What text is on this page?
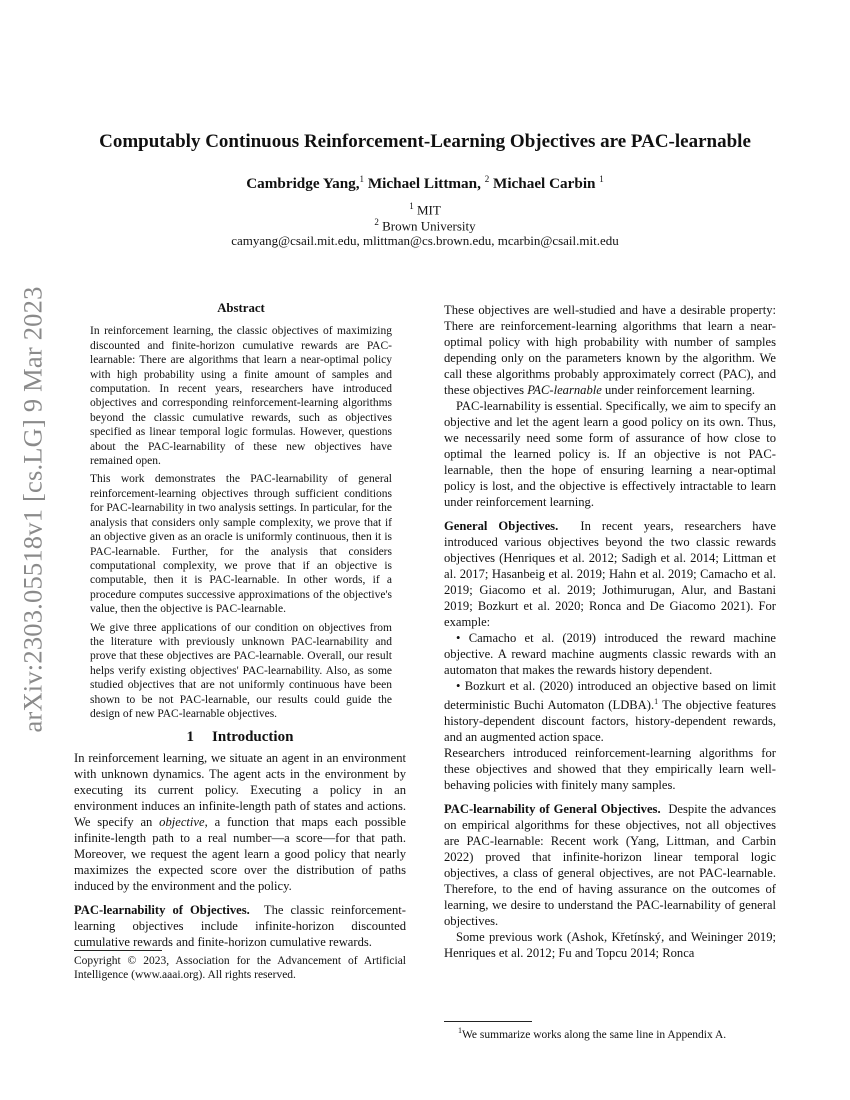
arXiv:2303.05518v1 [cs.LG] 9 Mar 2023
Computably Continuous Reinforcement-Learning Objectives are PAC-learnable
Cambridge Yang,$^1$ Michael Littman, $^2$ Michael Carbin $^1$
$^1$ MIT
$^2$ Brown University
camyang@csail.mit.edu, mlittman@cs.brown.edu, mcarbin@csail.mit.edu
Abstract

In reinforcement learning, the classic objectives of maximizing discounted and finite-horizon cumulative rewards are PAC-learnable: There are algorithms that learn a near-optimal policy with high probability using a finite amount of samples and computation. In recent years, researchers have introduced objectives and corresponding reinforcement-learning algorithms beyond the classic cumulative rewards, such as objectives specified as linear temporal logic formulas. However, questions about the PAC-learnability of these new objectives have remained open.

This work demonstrates the PAC-learnability of general reinforcement-learning objectives through sufficient conditions for PAC-learnability in two analysis settings. In particular, for the analysis that considers only sample complexity, we prove that if an objective given as an oracle is uniformly continuous, then it is PAC-learnable. Further, for the analysis that considers computational complexity, we prove that if an objective is computable, then it is PAC-learnable. In other words, if a procedure computes successive approximations of the objective's value, then the objective is PAC-learnable.

We give three applications of our condition on objectives from the literature with previously unknown PAC-learnability and prove that these objectives are PAC-learnable. Overall, our result helps verify existing objectives' PAC-learnability. Also, as some studied objectives that are not uniformly continuous have been shown to be not PAC-learnable, our results could guide the design of new PAC-learnable objectives.

1 Introduction

In reinforcement learning, we situate an agent in an environment with unknown dynamics. The agent acts in the environment by executing its current policy. Executing a policy in an environment induces an infinite-length path of states and actions. We specify an objective, a function that maps each possible infinite-length path to a real number—a score—for that path. Moreover, we request the agent learn a good policy that nearly maximizes the expected score over the distribution of paths induced by the environment and the policy.

PAC-learnability of Objectives. The classic reinforcement-learning objectives include infinite-horizon discounted cumulative rewards and finite-horizon cumulative rewards.

Copyright © 2023, Association for the Advancement of Artificial Intelligence (www.aaai.org). All rights reserved.

These objectives are well-studied and have a desirable property: There are reinforcement-learning algorithms that learn a near-optimal policy with high probability with number of samples depending only on the parameters known by the algorithm. We call these algorithms probably approximately correct (PAC), and these objectives PAC-learnable under reinforcement learning.

PAC-learnability is essential. Specifically, we aim to specify an objective and let the agent learn a good policy on its own. Thus, we necessarily need some form of assurance of how close to optimal the learned policy is. If an objective is not PAC-learnable, then the hope of ensuring learning a near-optimal policy is lost, and the objective is effectively intractable to learn under reinforcement learning.

General Objectives. In recent years, researchers have introduced various objectives beyond the two classic rewards objectives (Henriques et al. 2012; Sadigh et al. 2014; Littman et al. 2017; Hasanbeig et al. 2019; Hahn et al. 2019; Camacho et al. 2019; Giacomo et al. 2019; Jothimurugan, Alur, and Bastani 2019; Bozkurt et al. 2020; Ronca and De Giacomo 2021). For example:

• Camacho et al. (2019) introduced the reward machine objective. A reward machine augments classic rewards with an automaton that makes the rewards history dependent.

• Bozkurt et al. (2020) introduced an objective based on limit deterministic Buchi Automaton (LDBA).$^1$ The objective features history-dependent discount factors, history-dependent rewards, and an augmented action space.

Researchers introduced reinforcement-learning algorithms for these objectives and showed that they empirically learn well-behaving policies with finitely many samples.

PAC-learnability of General Objectives. Despite the advances on empirical algorithms for these objectives, not all objectives are PAC-learnable: Recent work (Yang, Littman, and Carbin 2022) proved that infinite-horizon linear temporal logic objectives, a class of general objectives, are not PAC-learnable. Therefore, to the end of having assurance on the outcomes of learning, we desire to understand the PAC-learnability of general objectives.

Some previous work (Ashok, Křetínský, and Weininger 2019; Henriques et al. 2012; Fu and Topcu 2014; Ronca

$^1$We summarize works along the same line in Appendix A.
